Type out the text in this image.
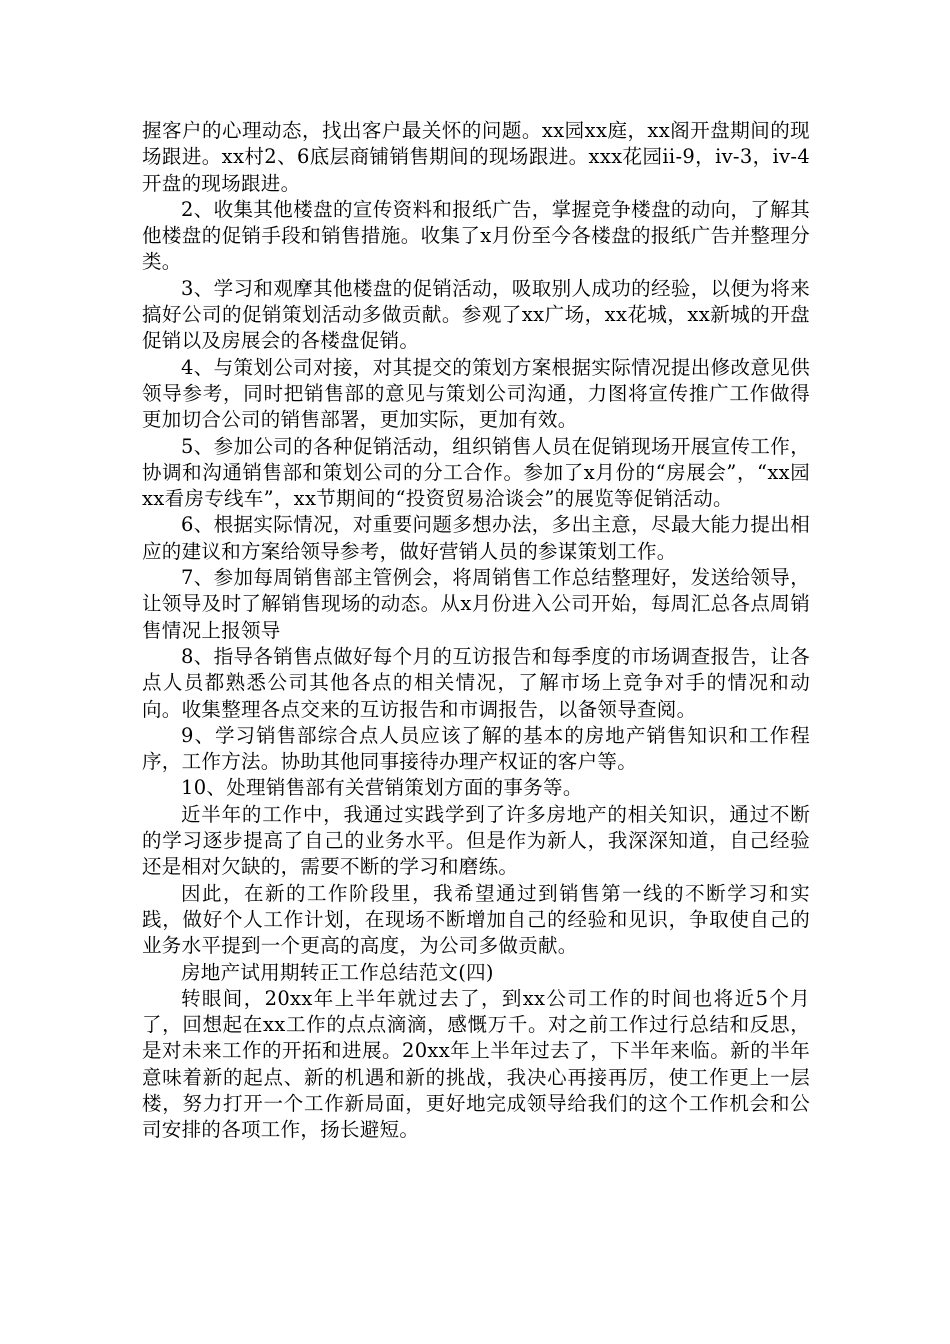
握客户的心理动态，找出客户最关怀的问题。xx园xx庭，xx阁开盘期间的现场跟进。xx村2、6底层商铺销售期间的现场跟进。xxx花园ii-9，iv-3，iv-4开盘的现场跟进。

2、收集其他楼盘的宣传资料和报纸广告，掌握竞争楼盘的动向，了解其他楼盘的促销手段和销售措施。收集了x月份至今各楼盘的报纸广告并整理分类。

3、学习和观摩其他楼盘的促销活动，吸取别人成功的经验，以便为将来搞好公司的促销策划活动多做贡献。参观了xx广场，xx花城，xx新城的开盘促销以及房展会的各楼盘促销。

4、与策划公司对接，对其提交的策划方案根据实际情况提出修改意见供领导参考，同时把销售部的意见与策划公司沟通，力图将宣传推广工作做得更加切合公司的销售部署，更加实际，更加有效。

5、参加公司的各种促销活动，组织销售人员在促销现场开展宣传工作，协调和沟通销售部和策划公司的分工合作。参加了x月份的“房展会”，“xx园xx看房专线车”，xx节期间的“投资贸易洽谈会”的展览等促销活动。

6、根据实际情况，对重要问题多想办法，多出主意，尽最大能力提出相应的建议和方案给领导参考，做好营销人员的参谋策划工作。

7、参加每周销售部主管例会，将周销售工作总结整理好，发送给领导，让领导及时了解销售现场的动态。从x月份进入公司开始，每周汇总各点周销售情况上报领导

8、指导各销售点做好每个月的互访报告和每季度的市场调查报告，让各点人员都熟悉公司其他各点的相关情况，了解市场上竞争对手的情况和动向。收集整理各点交来的互访报告和市调报告，以备领导查阅。

9、学习销售部综合点人员应该了解的基本的房地产销售知识和工作程序，工作方法。协助其他同事接待办理产权证的客户等。

10、处理销售部有关营销策划方面的事务等。

近半年的工作中，我通过实践学到了许多房地产的相关知识，通过不断的学习逐步提高了自己的业务水平。但是作为新人，我深深知道，自己经验还是相对欠缺的，需要不断的学习和磨练。

因此，在新的工作阶段里，我希望通过到销售第一线的不断学习和实践，做好个人工作计划，在现场不断增加自己的经验和见识，争取使自己的业务水平提到一个更高的高度，为公司多做贡献。

房地产试用期转正工作总结范文(四)

转眼间，20xx年上半年就过去了，到xx公司工作的时间也将近5个月了，回想起在xx工作的点点滴滴，感慨万千。对之前工作过行总结和反思，是对未来工作的开拓和进展。20xx年上半年过去了，下半年来临。新的半年意味着新的起点、新的机遇和新的挑战，我决心再接再厉，使工作更上一层楼，努力打开一个工作新局面，更好地完成领导给我们的这个工作机会和公司安排的各项工作，扬长避短。
